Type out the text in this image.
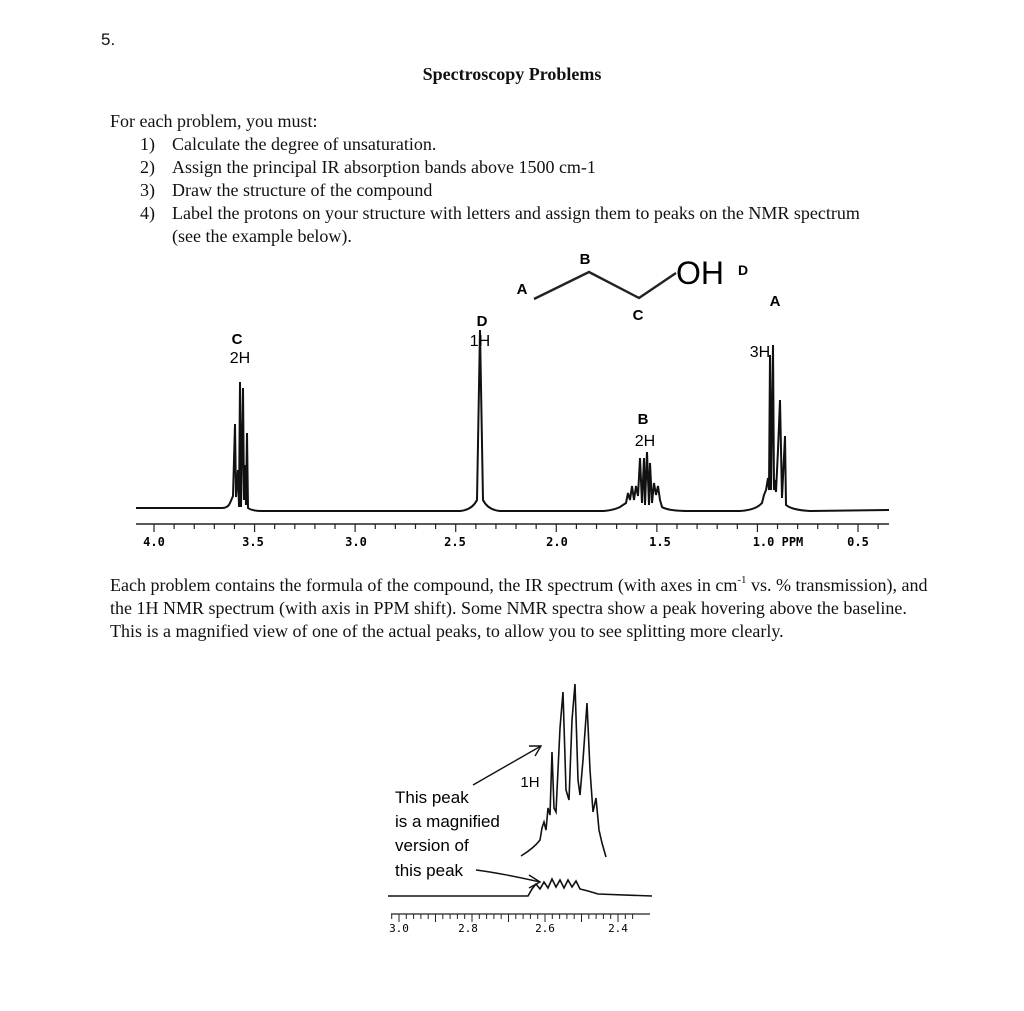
5.
Spectroscopy Problems
For each problem, you must:
1) Calculate the degree of unsaturation.
2) Assign the principal IR absorption bands above 1500 cm-1
3) Draw the structure of the compound
4) Label the protons on your structure with letters and assign them to peaks on the NMR spectrum (see the example below).
A
B
C
OH D
4.0	3.5	3.0	2.5	2.0	1.5	1.0 PPM	0.5
C
2H
D
1H
B
2H
A
3H
1H
This peak
is a magnified
version of
this peak
3.0	2.8	2.6	2.4
Each problem contains the formula of the compound, the IR spectrum (with axes in $cm^{-1}$ vs. % transmission), and the 1H NMR spectrum (with axis in PPM shift). Some NMR spectra show a peak hovering above the baseline. This is a magnified view of one of the actual peaks, to allow you to see splitting more clearly.
